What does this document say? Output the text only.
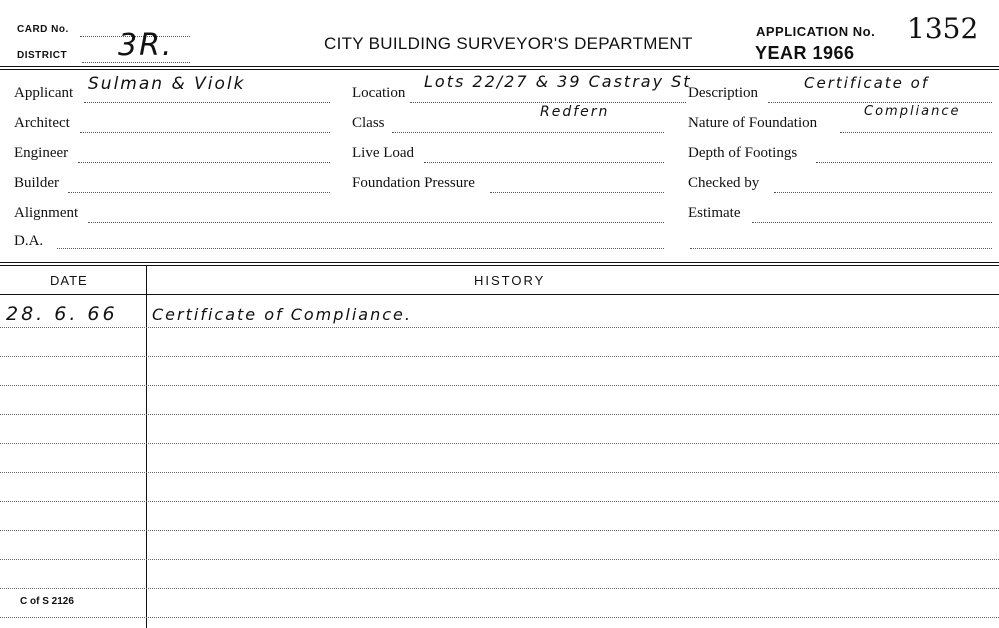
CARD No.
DISTRICT 3R.	CITY BUILDING SURVEYOR'S DEPARTMENT
APPLICATION No. 1352
YEAR 1966
Applicant Sulman & Violk
Architect
Engineer
Builder
Alignment
D.A.
Location
Lots 22/27 & 39 Castray St
Class
Redfern
Live Load
Foundation Pressure
Description
Certificate of
Nature of Foundation
Compliance
Depth of Footings
Checked by
Estimate
DATE	HISTORY
28. 6. 66 Certificate of Compliance.
C of S 2126
